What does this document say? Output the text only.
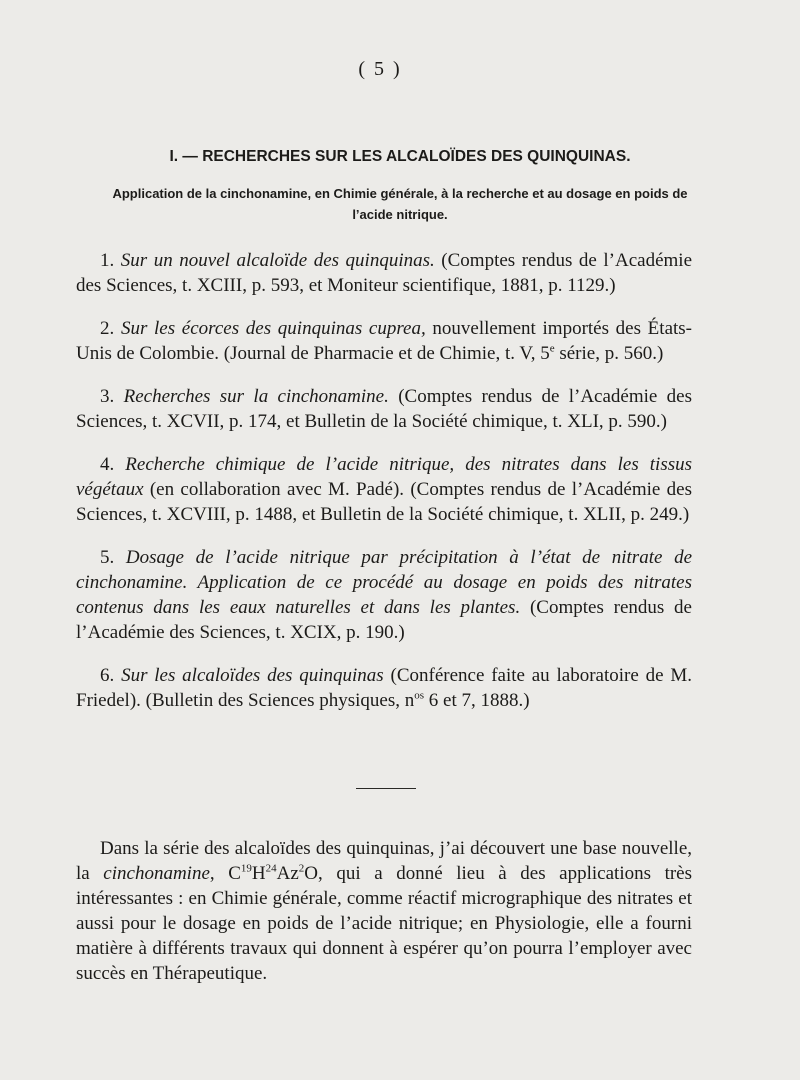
( 5 )
I. — RECHERCHES SUR LES ALCALOÏDES DES QUINQUINAS.
Application de la cinchonamine, en Chimie générale, à la recherche et au dosage en poids de l’acide nitrique.

1. Sur un nouvel alcaloïde des quinquinas. (Comptes rendus de l’Académie des Sciences, t. XCIII, p. 593, et Moniteur scientifique, 1881, p. 1129.)

2. Sur les écorces des quinquinas cuprea, nouvellement importés des États-Unis de Colombie. (Journal de Pharmacie et de Chimie, t. V, 5e série, p. 560.)

3. Recherches sur la cinchonamine. (Comptes rendus de l’Académie des Sciences, t. XCVII, p. 174, et Bulletin de la Société chimique, t. XLI, p. 590.)

4. Recherche chimique de l’acide nitrique, des nitrates dans les tissus végétaux (en collaboration avec M. Padé). (Comptes rendus de l’Académie des Sciences, t. XCVIII, p. 1488, et Bulletin de la Société chimique, t. XLII, p. 249.)

5. Dosage de l’acide nitrique par précipitation à l’état de nitrate de cinchonamine. Application de ce procédé au dosage en poids des nitrates contenus dans les eaux naturelles et dans les plantes. (Comptes rendus de l’Académie des Sciences, t. XCIX, p. 190.)

6. Sur les alcaloïdes des quinquinas (Conférence faite au laboratoire de M. Friedel). (Bulletin des Sciences physiques, $n^{os}$ 6 et 7, 1888.)

Dans la série des alcaloïdes des quinquinas, j’ai découvert une base nouvelle, la cinchonamine, $C^{19}H^{24}Az^2O$, qui a donné lieu à des applications très intéressantes : en Chimie générale, comme réactif micrographique des nitrates et aussi pour le dosage en poids de l’acide nitrique; en Physiologie, elle a fourni matière à différents travaux qui donnent à espérer qu’on pourra l’employer avec succès en Thérapeutique.
